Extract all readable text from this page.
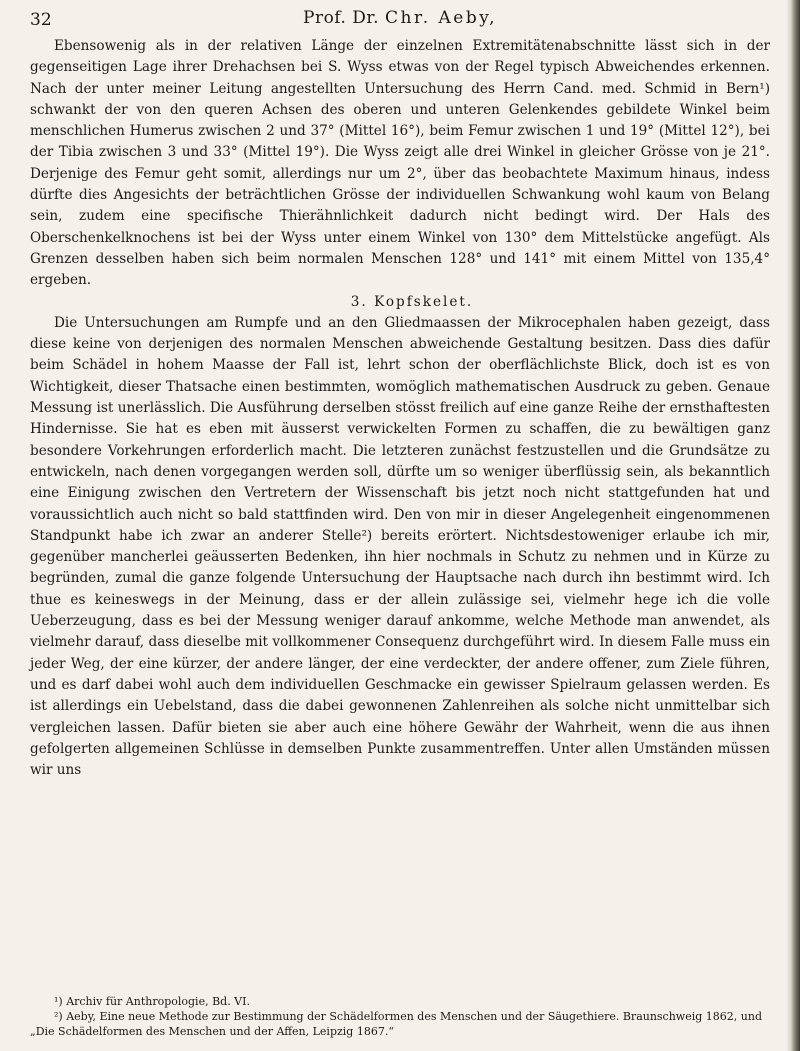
32	Prof. Dr. Chr. Aeby,

Ebensowenig als in der relativen Länge der einzelnen Extremitätenabschnitte lässt sich in der gegenseitigen Lage ihrer Drehachsen bei S. Wyss etwas von der Regel typisch Abweichendes erkennen. Nach der unter meiner Leitung angestellten Untersuchung des Herrn Cand. med. Schmid in Bern¹) schwankt der von den queren Achsen des oberen und unteren Gelenkendes gebildete Winkel beim menschlichen Humerus zwischen 2 und 37° (Mittel 16°), beim Femur zwischen 1 und 19° (Mittel 12°), bei der Tibia zwischen 3 und 33° (Mittel 19°). Die Wyss zeigt alle drei Winkel in gleicher Grösse von je 21°. Derjenige des Femur geht somit, allerdings nur um 2°, über das beobachtete Maximum hinaus, indess dürfte dies Angesichts der beträchtlichen Grösse der individuellen Schwankung wohl kaum von Belang sein, zudem eine specifische Thierähnlichkeit dadurch nicht bedingt wird. Der Hals des Oberschenkelknochens ist bei der Wyss unter einem Winkel von 130° dem Mittelstücke angefügt. Als Grenzen desselben haben sich beim normalen Menschen 128° und 141° mit einem Mittel von 135,4° ergeben.

3. Kopfskelet.

Die Untersuchungen am Rumpfe und an den Gliedmaassen der Mikrocephalen haben gezeigt, dass diese keine von derjenigen des normalen Menschen abweichende Gestaltung besitzen. Dass dies dafür beim Schädel in hohem Maasse der Fall ist, lehrt schon der oberflächlichste Blick, doch ist es von Wichtigkeit, dieser Thatsache einen bestimmten, womöglich mathematischen Ausdruck zu geben. Genaue Messung ist unerlässlich. Die Ausführung derselben stösst freilich auf eine ganze Reihe der ernsthaftesten Hindernisse. Sie hat es eben mit äusserst verwickelten Formen zu schaffen, die zu bewältigen ganz besondere Vorkehrungen erforderlich macht. Die letzteren zunächst festzustellen und die Grundsätze zu entwickeln, nach denen vorgegangen werden soll, dürfte um so weniger überflüssig sein, als bekanntlich eine Einigung zwischen den Vertretern der Wissenschaft bis jetzt noch nicht stattgefunden hat und voraussichtlich auch nicht so bald stattfinden wird. Den von mir in dieser Angelegenheit eingenommenen Standpunkt habe ich zwar an anderer Stelle²) bereits erörtert. Nichtsdestoweniger erlaube ich mir, gegenüber mancherlei geäusserten Bedenken, ihn hier nochmals in Schutz zu nehmen und in Kürze zu begründen, zumal die ganze folgende Untersuchung der Hauptsache nach durch ihn bestimmt wird. Ich thue es keineswegs in der Meinung, dass er der allein zulässige sei, vielmehr hege ich die volle Ueberzeugung, dass es bei der Messung weniger darauf ankomme, welche Methode man anwendet, als vielmehr darauf, dass dieselbe mit vollkommener Consequenz durchgeführt wird. In diesem Falle muss ein jeder Weg, der eine kürzer, der andere länger, der eine verdeckter, der andere offener, zum Ziele führen, und es darf dabei wohl auch dem individuellen Geschmacke ein gewisser Spielraum gelassen werden. Es ist allerdings ein Uebelstand, dass die dabei gewonnenen Zahlenreihen als solche nicht unmittelbar sich vergleichen lassen. Dafür bieten sie aber auch eine höhere Gewähr der Wahrheit, wenn die aus ihnen gefolgerten allgemeinen Schlüsse in demselben Punkte zusammentreffen. Unter allen Umständen müssen wir uns

¹) Archiv für Anthropologie, Bd. VI.

²) Aeby, Eine neue Methode zur Bestimmung der Schädelformen des Menschen und der Säugethiere. Braunschweig 1862, und „Die Schädelformen des Menschen und der Affen, Leipzig 1867.“
